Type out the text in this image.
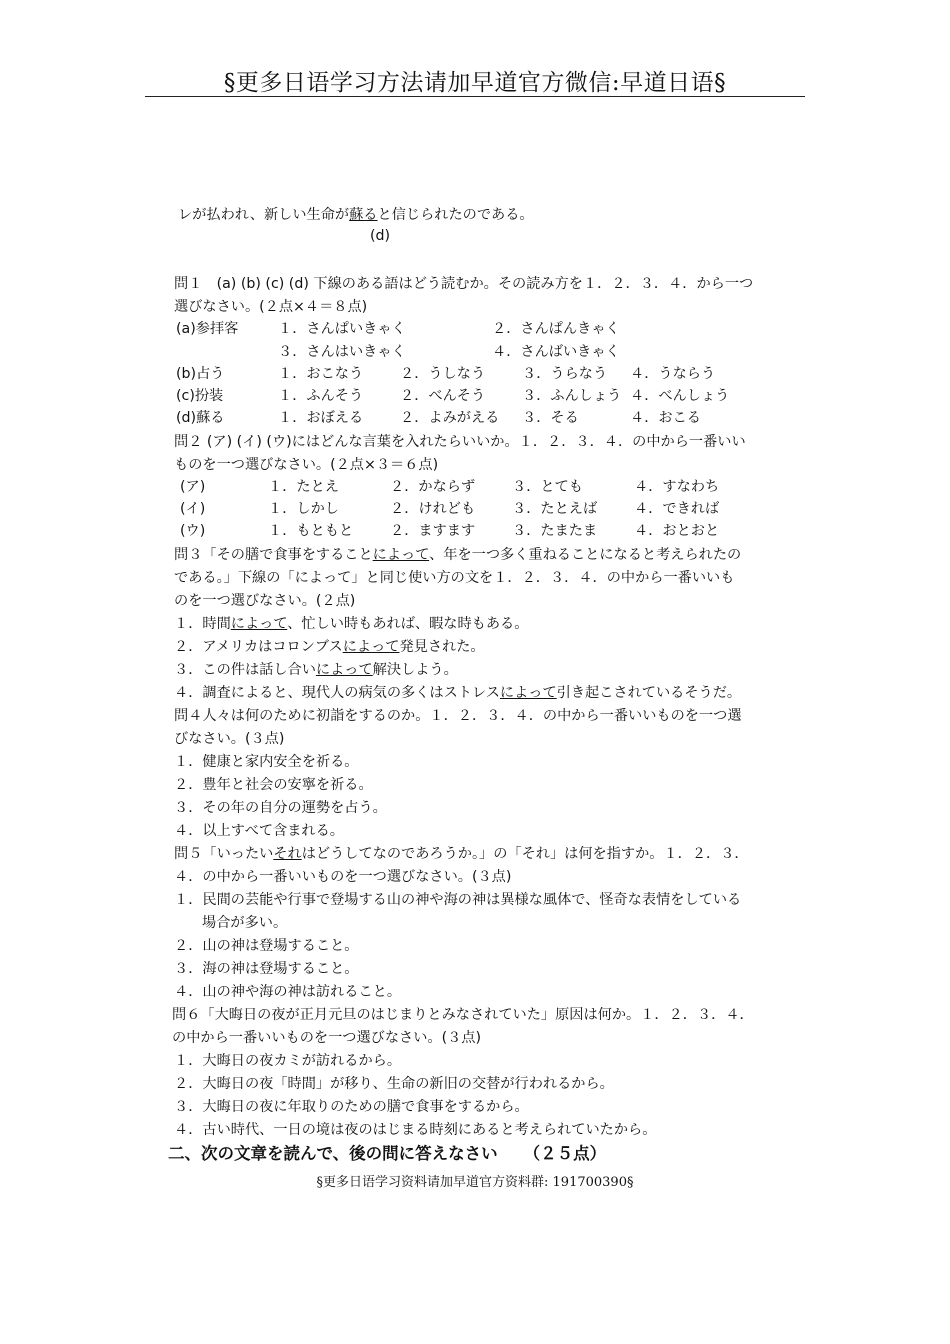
§更多日语学习方法请加早道官方微信:早道日语§
レが払われ、新しい生命が蘇ると信じられたのである。
(d)
問１　(a) (b) (c) (d) 下線のある語はどう読むか。その読み方を１．２．３．４．から一つ
選びなさい。(２点×４＝８点)
(a)参拝客	１．さんぱいきゃく	２．さんぱんきゃく
３．さんはいきゃく	４．さんばいきゃく
(b)占う	１．おこなう	２．うしなう	３．うらなう ４．うならう
(c)扮装	１．ふんそう	２．べんそう	３．ふんしょう ４．べんしょう
(d)蘇る	１．おぼえる	２．よみがえる ３．そる	４．おこる
問２ (ア) (イ) (ウ)にはどんな言葉を入れたらいいか。１．２．３．４．の中から一番いい
ものを一つ選びなさい。(２点×３＝６点)
(ア)	１．たとえ	２．かならず	３．とても	４．すなわち
(イ)	１．しかし	２．けれども	３．たとえば	４．できれば
(ウ)	１．もともと	２．ますます	３．たまたま	４．おとおと
問３「その膳で食事をすることによって、年を一つ多く重ねることになると考えられたの
である。」下線の「によって」と同じ使い方の文を１．２．３．４．の中から一番いいも
のを一つ選びなさい。(２点)
１．時間によって、忙しい時もあれば、暇な時もある。
２．アメリカはコロンブスによって発見された。
３．この件は話し合いによって解決しよう。
４．調査によると、現代人の病気の多くはストレスによって引き起こされているそうだ。
問４人々は何のために初詣をするのか。１．２．３．４．の中から一番いいものを一つ選
びなさい。(３点)
１．健康と家内安全を祈る。
２．豊年と社会の安寧を祈る。
３．その年の自分の運勢を占う。
４．以上すべて含まれる。
問５「いったいそれはどうしてなのであろうか。」の「それ」は何を指すか。１．２．３．
４．の中から一番いいものを一つ選びなさい。(３点)
１．民間の芸能や行事で登場する山の神や海の神は異様な風体で、怪奇な表情をしている
場合が多い。
２．山の神は登場すること。
３．海の神は登場すること。
４．山の神や海の神は訪れること。
問６「大晦日の夜が正月元旦のはじまりとみなされていた」原因は何か。１．２．３．４．
の中から一番いいものを一つ選びなさい。(３点)
１．大晦日の夜カミが訪れるから。
２．大晦日の夜「時間」が移り、生命の新旧の交替が行われるから。
３．大晦日の夜に年取りのための膳で食事をするから。
４．古い時代、一日の境は夜のはじまる時刻にあると考えられていたから。
二、次の文章を読んで、後の問に答えなさい （２５点）
§更多日语学习资料请加早道官方资料群: 191700390§
